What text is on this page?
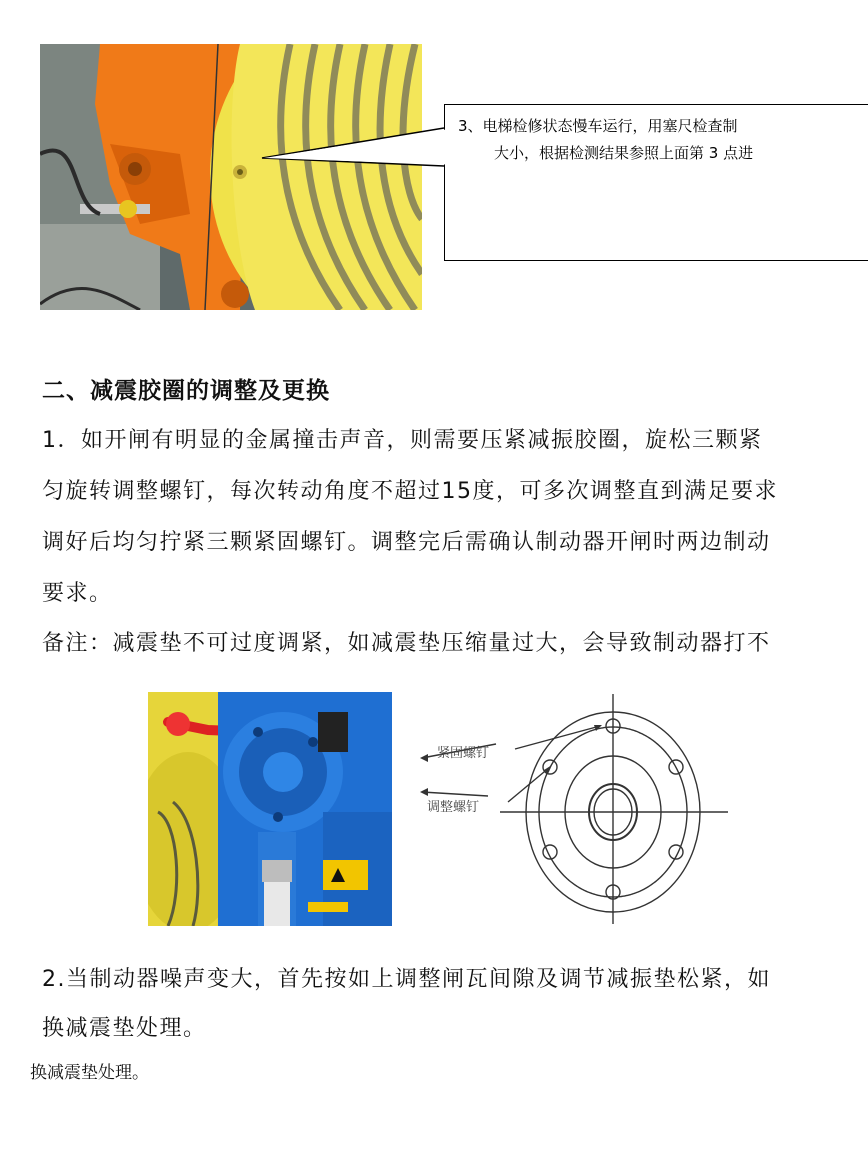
3、电梯检修状态慢车运行，用塞尺检查制
大小，根据检测结果参照上面第 3 点进
二、减震胶圈的调整及更换
1．如开闸有明显的金属撞击声音，则需要压紧减振胶圈，旋松三颗紧
匀旋转调整螺钉，每次转动角度不超过15度，可多次调整直到满足要求
调好后均匀拧紧三颗紧固螺钉。调整完后需确认制动器开闸时两边制动
要求。
备注：减震垫不可过度调紧，如减震垫压缩量过大，会导致制动器打不
紧固螺钉
调整螺钉
2.当制动器噪声变大，首先按如上调整闸瓦间隙及调节减振垫松紧，如
换减震垫处理。
换减震垫处理。
